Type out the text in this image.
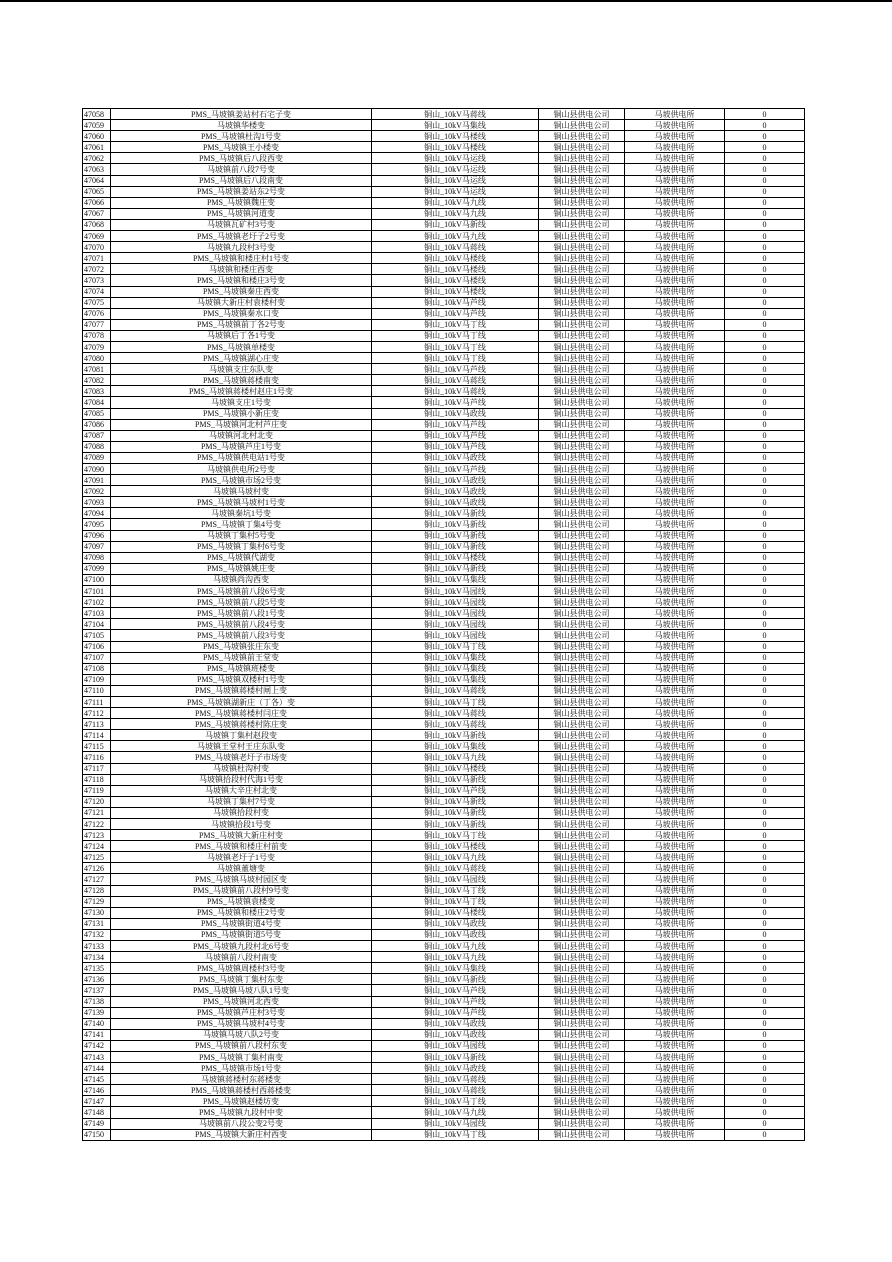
47058	PMS_马坡镇姜站村石宅子变	铜山_10kV马蒋线	铜山县供电公司	马坡供电所	0
47059	马坡镇华楼变	铜山_10kV马集线	铜山县供电公司	马坡供电所	0
47060	PMS_马坡镇杜沟1号变	铜山_10kV马楼线	铜山县供电公司	马坡供电所	0
47061	PMS_马坡镇王小楼变	铜山_10kV马楼线	铜山县供电公司	马坡供电所	0
47062	PMS_马坡镇后八段西变	铜山_10kV马运线	铜山县供电公司	马坡供电所	0
47063	马坡镇前八段7号变	铜山_10kV马运线	铜山县供电公司	马坡供电所	0
47064	PMS_马坡镇后八段南变	铜山_10kV马运线	铜山县供电公司	马坡供电所	0
47065	PMS_马坡镇姜站东2号变	铜山_10kV马运线	铜山县供电公司	马坡供电所	0
47066	PMS_马坡镇魏庄变	铜山_10kV马九线	铜山县供电公司	马坡供电所	0
47067	PMS_马坡镇河道变	铜山_10kV马九线	铜山县供电公司	马坡供电所	0
47068	马坡镇瓦矿村3号变	铜山_10kV马新线	铜山县供电公司	马坡供电所	0
47069	PMS_马坡镇老圩子2号变	铜山_10kV马九线	铜山县供电公司	马坡供电所	0
47070	马坡镇九段村3号变	铜山_10kV马蒋线	铜山县供电公司	马坡供电所	0
47071	PMS_马坡镇和楼庄村1号变	铜山_10kV马楼线	铜山县供电公司	马坡供电所	0
47072	马坡镇和楼庄西变	铜山_10kV马楼线	铜山县供电公司	马坡供电所	0
47073	PMS_马坡镇和楼庄3号变	铜山_10kV马楼线	铜山县供电公司	马坡供电所	0
47074	PMS_马坡镇秦庄西变	铜山_10kV马楼线	铜山县供电公司	马坡供电所	0
47075	马坡镇大新庄村袁楼村变	铜山_10kV马芦线	铜山县供电公司	马坡供电所	0
47076	PMS_马坡镇秦水口变	铜山_10kV马芦线	铜山县供电公司	马坡供电所	0
47077	PMS_马坡镇前丁各2号变	铜山_10kV马丁线	铜山县供电公司	马坡供电所	0
47078	马坡镇后丁各1号变	铜山_10kV马丁线	铜山县供电公司	马坡供电所	0
47079	PMS_马坡镇单楼变	铜山_10kV马丁线	铜山县供电公司	马坡供电所	0
47080	PMS_马坡镇湖心庄变	铜山_10kV马丁线	铜山县供电公司	马坡供电所	0
47081	马坡镇支庄东队变	铜山_10kV马芦线	铜山县供电公司	马坡供电所	0
47082	PMS_马坡镇蒋楼南变	铜山_10kV马蒋线	铜山县供电公司	马坡供电所	0
47083	PMS_马坡镇蒋楼村赵庄1号变	铜山_10kV马蒋线	铜山县供电公司	马坡供电所	0
47084	马坡镇支庄1号变	铜山_10kV马芦线	铜山县供电公司	马坡供电所	0
47085	PMS_马坡镇小新庄变	铜山_10kV马政线	铜山县供电公司	马坡供电所	0
47086	PMS_马坡镇河北村芦庄变	铜山_10kV马芦线	铜山县供电公司	马坡供电所	0
47087	马坡镇河北村北变	铜山_10kV马芦线	铜山县供电公司	马坡供电所	0
47088	PMS_马坡镇芦庄1号变	铜山_10kV马芦线	铜山县供电公司	马坡供电所	0
47089	PMS_马坡镇供电站1号变	铜山_10kV马政线	铜山县供电公司	马坡供电所	0
47090	马坡镇供电所2号变	铜山_10kV马芦线	铜山县供电公司	马坡供电所	0
47091	PMS_马坡镇市场2号变	铜山_10kV马政线	铜山县供电公司	马坡供电所	0
47092	马坡镇马坡村变	铜山_10kV马政线	铜山县供电公司	马坡供电所	0
47093	PMS_马坡镇马坡村1号变	铜山_10kV马政线	铜山县供电公司	马坡供电所	0
47094	马坡镇秦坑1号变	铜山_10kV马新线	铜山县供电公司	马坡供电所	0
47095	PMS_马坡镇丁集4号变	铜山_10kV马新线	铜山县供电公司	马坡供电所	0
47096	马坡镇丁集村5号变	铜山_10kV马新线	铜山县供电公司	马坡供电所	0
47097	PMS_马坡镇丁集村6号变	铜山_10kV马新线	铜山县供电公司	马坡供电所	0
47098	PMS_马坡镇代湖变	铜山_10kV马楼线	铜山县供电公司	马坡供电所	0
47099	PMS_马坡镇姚庄变	铜山_10kV马新线	铜山县供电公司	马坡供电所	0
47100	马坡镇尚沟西变	铜山_10kV马集线	铜山县供电公司	马坡供电所	0
47101	PMS_马坡镇前八段6号变	铜山_10kV马园线	铜山县供电公司	马坡供电所	0
47102	PMS_马坡镇前八段5号变	铜山_10kV马园线	铜山县供电公司	马坡供电所	0
47103	PMS_马坡镇前八段1号变	铜山_10kV马园线	铜山县供电公司	马坡供电所	0
47104	PMS_马坡镇前八段4号变	铜山_10kV马园线	铜山县供电公司	马坡供电所	0
47105	PMS_马坡镇前八段3号变	铜山_10kV马园线	铜山县供电公司	马坡供电所	0
47106	PMS_马坡镇张庄东变	铜山_10kV马丁线	铜山县供电公司	马坡供电所	0
47107	PMS_马坡镇前王堂变	铜山_10kV马集线	铜山县供电公司	马坡供电所	0
47108	PMS_马坡镇班楼变	铜山_10kV马集线	铜山县供电公司	马坡供电所	0
47109	PMS_马坡镇双楼村1号变	铜山_10kV马集线	铜山县供电公司	马坡供电所	0
47110	PMS_马坡镇蒋楼村闸上变	铜山_10kV马蒋线	铜山县供电公司	马坡供电所	0
47111	PMS_马坡镇湖新庄（丁各）变	铜山_10kV马丁线	铜山县供电公司	马坡供电所	0
47112	PMS_马坡镇蒋楼村闫庄变	铜山_10kV马蒋线	铜山县供电公司	马坡供电所	0
47113	PMS_马坡镇蒋楼村陈庄变	铜山_10kV马蒋线	铜山县供电公司	马坡供电所	0
47114	马坡镇丁集村赵段变	铜山_10kV马新线	铜山县供电公司	马坡供电所	0
47115	马坡镇王堂村王庄东队变	铜山_10kV马集线	铜山县供电公司	马坡供电所	0
47116	PMS_马坡镇老圩子市场变	铜山_10kV马九线	铜山县供电公司	马坡供电所	0
47117	马坡镇杜沟村变	铜山_10kV马楼线	铜山县供电公司	马坡供电所	0
47118	马坡镇拾段村代海1号变	铜山_10kV马新线	铜山县供电公司	马坡供电所	0
47119	马坡镇大辛庄村北变	铜山_10kV马芦线	铜山县供电公司	马坡供电所	0
47120	马坡镇丁集村7号变	铜山_10kV马新线	铜山县供电公司	马坡供电所	0
47121	马坡镇拾段村变	铜山_10kV马新线	铜山县供电公司	马坡供电所	0
47122	马坡镇拾段1号变	铜山_10kV马新线	铜山县供电公司	马坡供电所	0
47123	PMS_马坡镇大新庄村变	铜山_10kV马丁线	铜山县供电公司	马坡供电所	0
47124	PMS_马坡镇和楼庄村前变	铜山_10kV马楼线	铜山县供电公司	马坡供电所	0
47125	马坡镇老圩子1号变	铜山_10kV马九线	铜山县供电公司	马坡供电所	0
47126	马坡镇董塘变	铜山_10kV马蒋线	铜山县供电公司	马坡供电所	0
47127	PMS_马坡镇马坡村园区变	铜山_10kV马园线	铜山县供电公司	马坡供电所	0
47128	PMS_马坡镇前八段村9号变	铜山_10kV马丁线	铜山县供电公司	马坡供电所	0
47129	PMS_马坡镇袁楼变	铜山_10kV马丁线	铜山县供电公司	马坡供电所	0
47130	PMS_马坡镇和楼庄2号变	铜山_10kV马楼线	铜山县供电公司	马坡供电所	0
47131	PMS_马坡镇街道4号变	铜山_10kV马政线	铜山县供电公司	马坡供电所	0
47132	PMS_马坡镇街道5号变	铜山_10kV马政线	铜山县供电公司	马坡供电所	0
47133	PMS_马坡镇九段村北6号变	铜山_10kV马九线	铜山县供电公司	马坡供电所	0
47134	马坡镇前八段村南变	铜山_10kV马九线	铜山县供电公司	马坡供电所	0
47135	PMS_马坡镇周楼村3号变	铜山_10kV马集线	铜山县供电公司	马坡供电所	0
47136	PMS_马坡镇丁集村东变	铜山_10kV马新线	铜山县供电公司	马坡供电所	0
47137	PMS_马坡镇马坡八队1号变	铜山_10kV马芦线	铜山县供电公司	马坡供电所	0
47138	PMS_马坡镇河北西变	铜山_10kV马芦线	铜山县供电公司	马坡供电所	0
47139	PMS_马坡镇芦庄村3号变	铜山_10kV马芦线	铜山县供电公司	马坡供电所	0
47140	PMS_马坡镇马坡村4号变	铜山_10kV马政线	铜山县供电公司	马坡供电所	0
47141	马坡镇马坡八队2号变	铜山_10kV马政线	铜山县供电公司	马坡供电所	0
47142	PMS_马坡镇前八段村东变	铜山_10kV马园线	铜山县供电公司	马坡供电所	0
47143	PMS_马坡镇丁集村南变	铜山_10kV马新线	铜山县供电公司	马坡供电所	0
47144	PMS_马坡镇市场1号变	铜山_10kV马政线	铜山县供电公司	马坡供电所	0
47145	马坡镇蒋楼村东蒋楼变	铜山_10kV马蒋线	铜山县供电公司	马坡供电所	0
47146	PMS_马坡镇蒋楼村西蒋楼变	铜山_10kV马蒋线	铜山县供电公司	马坡供电所	0
47147	PMS_马坡镇赵楼坊变	铜山_10kV马丁线	铜山县供电公司	马坡供电所	0
47148	PMS_马坡镇九段村中变	铜山_10kV马九线	铜山县供电公司	马坡供电所	0
47149	马坡镇前八段公变2号变	铜山_10kV马园线	铜山县供电公司	马坡供电所	0
47150	PMS_马坡镇大新庄村西变	铜山_10kV马丁线	铜山县供电公司	马坡供电所	0
